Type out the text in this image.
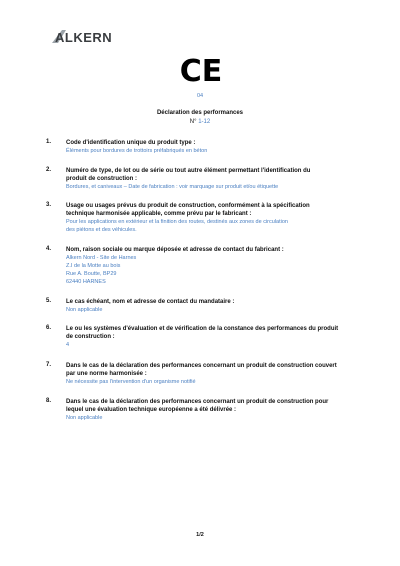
ALKERN
CE
04
Déclaration des performances
N° 1-12
1. Code d'identification unique du produit type :
Éléments pour bordures de trottoirs préfabriqués en béton
2. Numéro de type, de lot ou de série ou tout autre élément permettant l'identification du
produit de construction :
Bordures, et caniveaux – Date de fabrication : voir marquage sur produit et/ou étiquette
3. Usage ou usages prévus du produit de construction, conformément à la spécification
technique harmonisée applicable, comme prévu par le fabricant :
Pour les applications en extérieur et la finition des routes, destinés aux zones de circulation
des piétons et des véhicules.
4. Nom, raison sociale ou marque déposée et adresse de contact du fabricant :
Alkern Nord - Site de Harnes
Z.I de la Motte au bois
Rue A. Boutte, BP29
62440 HARNES
5. Le cas échéant, nom et adresse de contact du mandataire :
Non applicable
6. Le ou les systèmes d'évaluation et de vérification de la constance des performances du produit
de construction :
4
7. Dans le cas de la déclaration des performances concernant un produit de construction couvert
par une norme harmonisée :
Ne nécessite pas l'intervention d'un organisme notifié
8. Dans le cas de la déclaration des performances concernant un produit de construction pour
lequel une évaluation technique européenne a été délivrée :
Non applicable
1/2
